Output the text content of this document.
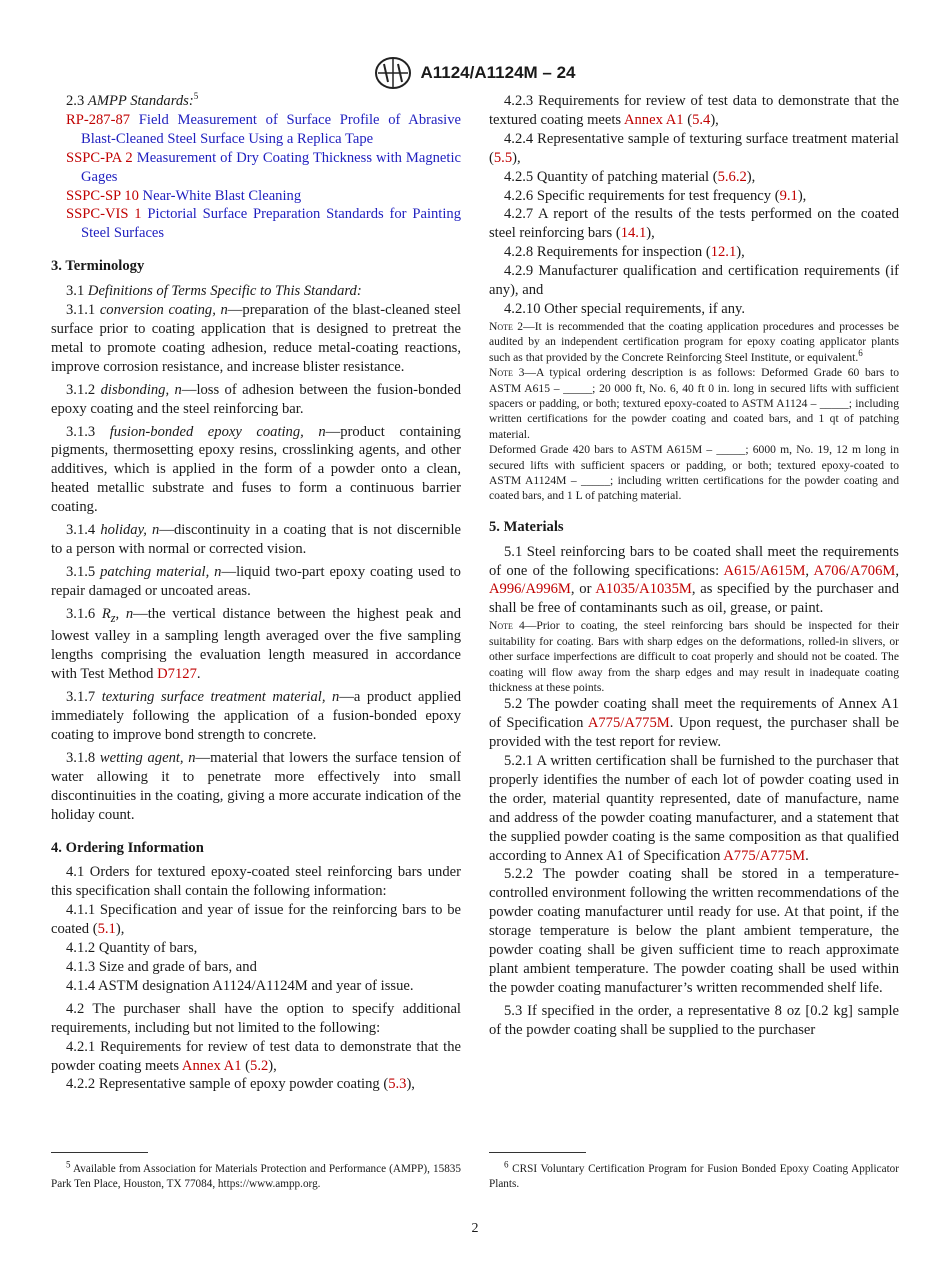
A1124/A1124M – 24

2.3 AMPP Standards:$^5$

RP-287-87 Field Measurement of Surface Profile of Abrasive Blast-Cleaned Steel Surface Using a Replica Tape

SSPC-PA 2 Measurement of Dry Coating Thickness with Magnetic Gages

SSPC-SP 10 Near-White Blast Cleaning

SSPC-VIS 1 Pictorial Surface Preparation Standards for Painting Steel Surfaces

3. Terminology

3.1 Definitions of Terms Specific to This Standard:

3.1.1 conversion coating, n—preparation of the blast-cleaned steel surface prior to coating application that is designed to pretreat the metal to promote coating adhesion, reduce metal-coating reactions, improve corrosion resistance, and increase blister resistance.

3.1.2 disbonding, n—loss of adhesion between the fusion-bonded epoxy coating and the steel reinforcing bar.

3.1.3 fusion-bonded epoxy coating, n—product containing pigments, thermosetting epoxy resins, crosslinking agents, and other additives, which is applied in the form of a powder onto a clean, heated metallic substrate and fuses to form a continuous barrier coating.

3.1.4 holiday, n—discontinuity in a coating that is not discernible to a person with normal or corrected vision.

3.1.5 patching material, n—liquid two-part epoxy coating used to repair damaged or uncoated areas.

3.1.6 $R_z$, n—the vertical distance between the highest peak and lowest valley in a sampling length averaged over the five sampling lengths comprising the evaluation length measured in accordance with Test Method D7127.

3.1.7 texturing surface treatment material, n—a product applied immediately following the application of a fusion-bonded epoxy coating to improve bond strength to concrete.

3.1.8 wetting agent, n—material that lowers the surface tension of water allowing it to penetrate more effectively into small discontinuities in the coating, giving a more accurate indication of the holiday count.

4. Ordering Information

4.1 Orders for textured epoxy-coated steel reinforcing bars under this specification shall contain the following information:

4.1.1 Specification and year of issue for the reinforcing bars to be coated (5.1),

4.1.2 Quantity of bars,

4.1.3 Size and grade of bars, and

4.1.4 ASTM designation A1124/A1124M and year of issue.

4.2 The purchaser shall have the option to specify additional requirements, including but not limited to the following:

4.2.1 Requirements for review of test data to demonstrate that the powder coating meets Annex A1 (5.2),

4.2.2 Representative sample of epoxy powder coating (5.3),

4.2.3 Requirements for review of test data to demonstrate that the textured coating meets Annex A1 (5.4),

4.2.4 Representative sample of texturing surface treatment material (5.5),

4.2.5 Quantity of patching material (5.6.2),

4.2.6 Specific requirements for test frequency (9.1),

4.2.7 A report of the results of the tests performed on the coated steel reinforcing bars (14.1),

4.2.8 Requirements for inspection (12.1),

4.2.9 Manufacturer qualification and certification requirements (if any), and

4.2.10 Other special requirements, if any.

Note 2—It is recommended that the coating application procedures and processes be audited by an independent certification program for epoxy coating applicator plants such as that provided by the Concrete Reinforcing Steel Institute, or equivalent.$^6$

Note 3—A typical ordering description is as follows: Deformed Grade 60 bars to ASTM A615 – _____; 20 000 ft, No. 6, 40 ft 0 in. long in secured lifts with sufficient spacers or padding, or both; textured epoxy-coated to ASTM A1124 – _____; including written certifications for the powder coating and coated bars, and 1 qt of patching material.

Deformed Grade 420 bars to ASTM A615M – _____; 6000 m, No. 19, 12 m long in secured lifts with sufficient spacers or padding, or both; textured epoxy-coated to ASTM A1124M – _____; including written certifications for the powder coating and coated bars, and 1 L of patching material.

5. Materials

5.1 Steel reinforcing bars to be coated shall meet the requirements of one of the following specifications: A615/A615M, A706/A706M, A996/A996M, or A1035/A1035M, as specified by the purchaser and shall be free of contaminants such as oil, grease, or paint.

Note 4—Prior to coating, the steel reinforcing bars should be inspected for their suitability for coating. Bars with sharp edges on the deformations, rolled-in slivers, or other surface imperfections are difficult to coat properly and should not be coated. The coating will flow away from the sharp edges and may result in inadequate coating thickness at these points.

5.2 The powder coating shall meet the requirements of Annex A1 of Specification A775/A775M. Upon request, the purchaser shall be provided with the test report for review.

5.2.1 A written certification shall be furnished to the purchaser that properly identifies the number of each lot of powder coating used in the order, material quantity represented, date of manufacture, name and address of the powder coating manufacturer, and a statement that the supplied powder coating is the same composition as that qualified according to Annex A1 of Specification A775/A775M.

5.2.2 The powder coating shall be stored in a temperature-controlled environment following the written recommendations of the powder coating manufacturer until ready for use. At that point, if the storage temperature is below the plant ambient temperature, the powder coating shall be given sufficient time to reach approximate plant ambient temperature. The powder coating shall be used within the powder coating manufacturer’s written recommended shelf life.

5.3 If specified in the order, a representative 8 oz [0.2 kg] sample of the powder coating shall be supplied to the purchaser

$^5$ Available from Association for Materials Protection and Performance (AMPP), 15835 Park Ten Place, Houston, TX 77084, https://www.ampp.org.

$^6$ CRSI Voluntary Certification Program for Fusion Bonded Epoxy Coating Applicator Plants.

2
